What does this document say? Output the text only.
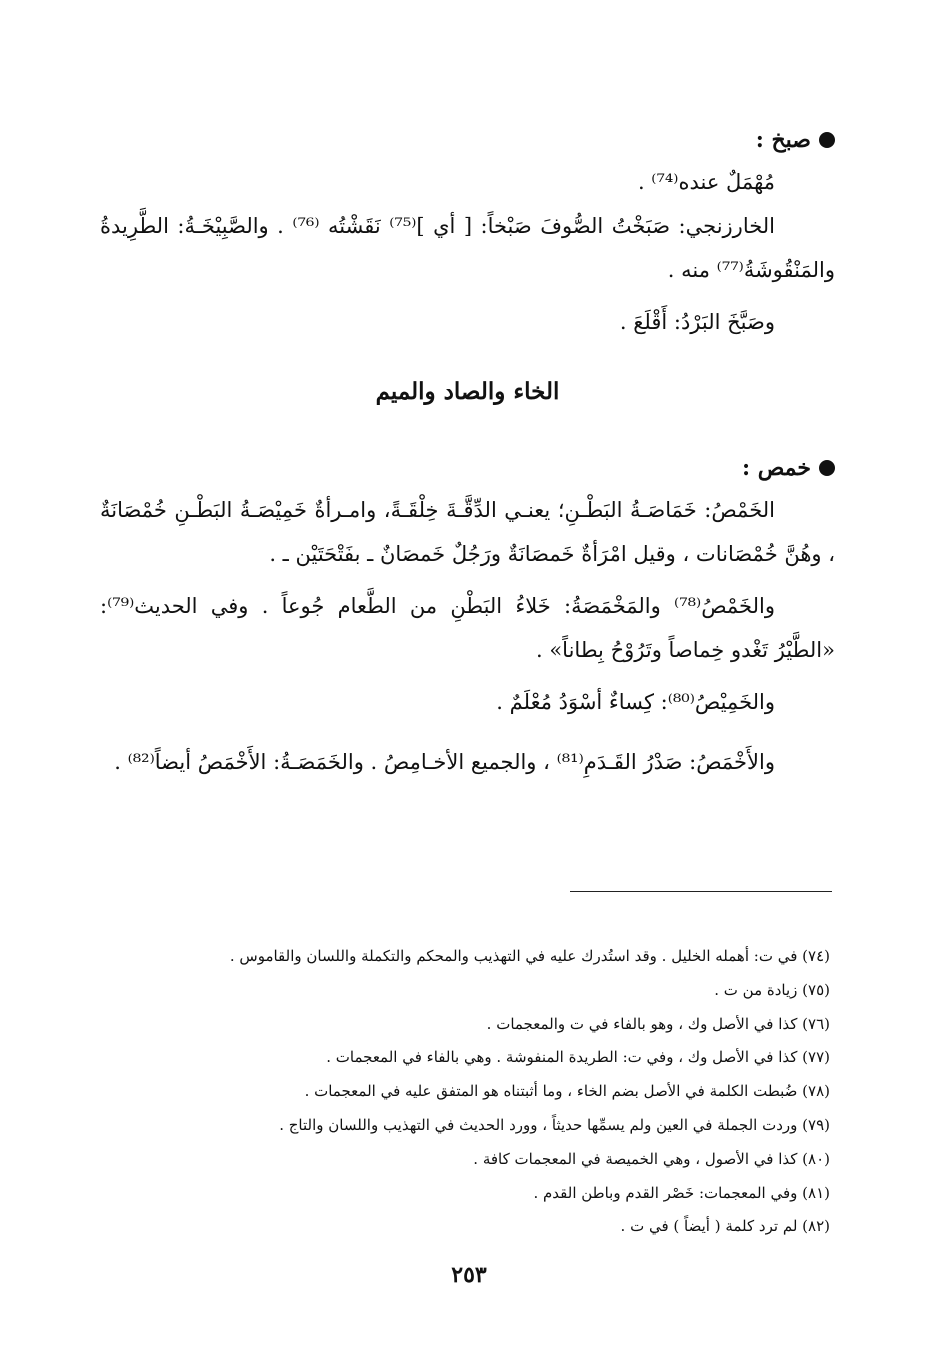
صبخ :

مُهْمَلٌ عنده⁽⁷⁴⁾ .

الخارزنجي: صَبَخْتُ الصُّوفَ صَبْخاً: [ أي ]⁽⁷⁵⁾ نَقَشْتُه ⁽⁷⁶⁾ . والصَّبِيْخَـةُ: الطَّرِيدةُ والمَنْقُوشَةُ⁽⁷⁷⁾ منه .

وصَبَّخَ البَرْدُ: أَقْلَعَ .

الخاء والصاد والميم
خمص :

الخَمْصُ: خَمَاصَـةُ البَطْـنِ؛ يعنـي الدِّقَّـةَ خِلْقَـةً، وامـرأةٌ خَمِيْصَـةُ البَطْـنِ خُمْصَانَةٌ ، وهُنَّ خُمْصَانات ، وقيل امْرَأةٌ خَمصَانَةٌ ورَجُلٌ خَمصَانٌ ـ بفَتْحَتَيْن ـ .

والخَمْصُ⁽⁷⁸⁾ والمَخْمَصَةُ: خَلاءُ البَطْنِ من الطَّعام جُوعاً . وفي الحديث⁽⁷⁹⁾: «الطَّيْرُ تَغْدو خِماصاً وتَرُوْحُ بِطاناً» .

والخَمِيْصُ⁽⁸⁰⁾: كِساءٌ أسْوَدُ مُعْلَمٌ .

والأَخْمَصُ: صَدْرُ القَـدَمِ⁽⁸¹⁾ ، والجميع الأخـامِصُ . والخَمَصَـةُ: الأَخْمَصُ أيضاً⁽⁸²⁾ .

(٧٤) في ت: أهمله الخليل . وقد استُدرك عليه في التهذيب والمحكم والتكملة واللسان والقاموس .
(٧٥) زيادة من ت .
(٧٦) كذا في الأصل وك ، وهو بالفاء في ت والمعجمات .
(٧٧) كذا في الأصل وك ، وفي ت: الطريدة المنفوشة . وهي بالفاء في المعجمات .
(٧٨) ضُبطت الكلمة في الأصل بضم الخاء ، وما أثبتناه هو المتفق عليه في المعجمات .
(٧٩) وردت الجملة في العين ولم يسمِّها حديثاً ، وورد الحديث في التهذيب واللسان والتاج .
(٨٠) كذا في الأصول ، وهي الخميصة في المعجمات كافة .
(٨١) وفي المعجمات: خَصْر القدم وباطن القدم .
(٨٢) لم ترد كلمة ( أيضاً ) في ت .
٢٥٣
